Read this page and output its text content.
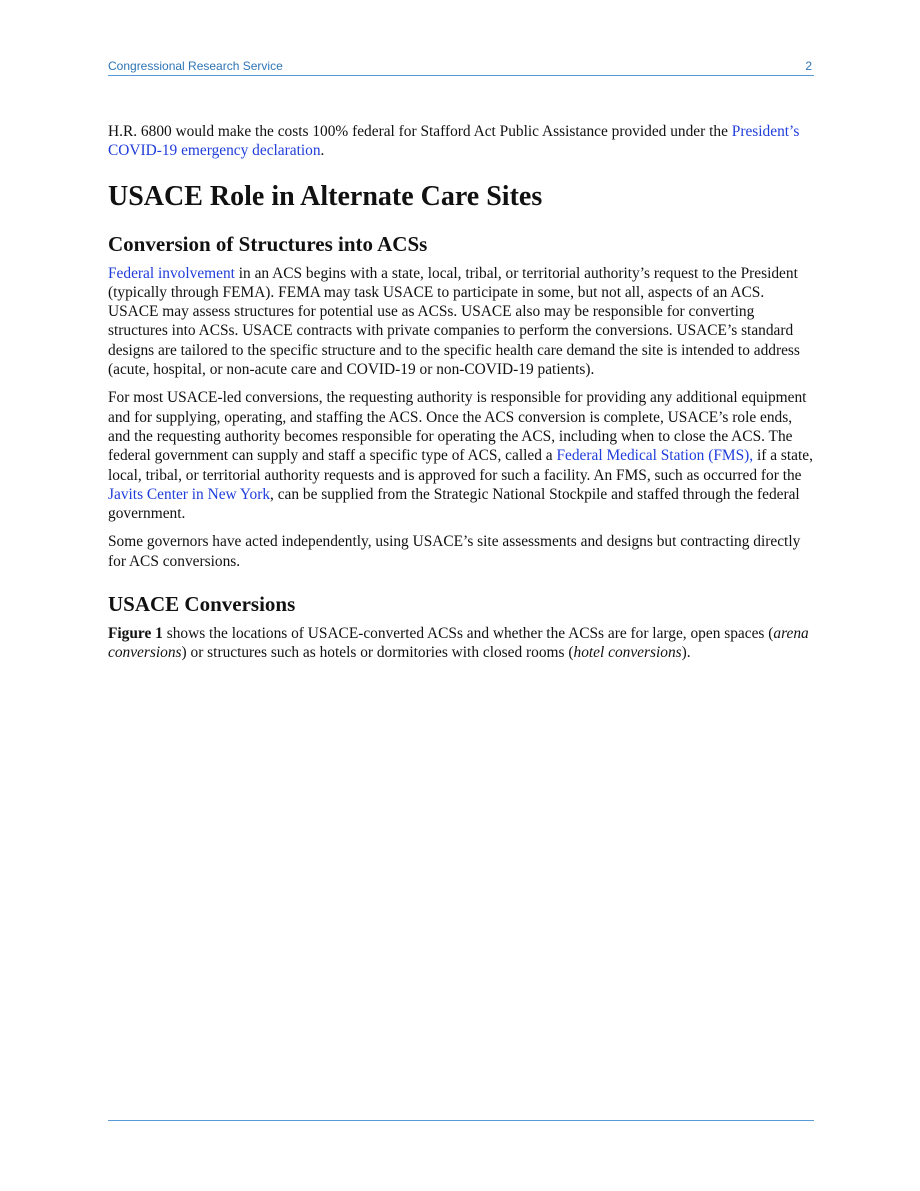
Congressional Research Service	2

H.R. 6800 would make the costs 100% federal for Stafford Act Public Assistance provided under the President’s COVID-19 emergency declaration.

USACE Role in Alternate Care Sites
Conversion of Structures into ACSs

Federal involvement in an ACS begins with a state, local, tribal, or territorial authority’s request to the President (typically through FEMA). FEMA may task USACE to participate in some, but not all, aspects of an ACS. USACE may assess structures for potential use as ACSs. USACE also may be responsible for converting structures into ACSs. USACE contracts with private companies to perform the conversions. USACE’s standard designs are tailored to the specific structure and to the specific health care demand the site is intended to address (acute, hospital, or non-acute care and COVID-19 or non-COVID-19 patients).

For most USACE-led conversions, the requesting authority is responsible for providing any additional equipment and for supplying, operating, and staffing the ACS. Once the ACS conversion is complete, USACE’s role ends, and the requesting authority becomes responsible for operating the ACS, including when to close the ACS. The federal government can supply and staff a specific type of ACS, called a Federal Medical Station (FMS), if a state, local, tribal, or territorial authority requests and is approved for such a facility. An FMS, such as occurred for the Javits Center in New York, can be supplied from the Strategic National Stockpile and staffed through the federal government.

Some governors have acted independently, using USACE’s site assessments and designs but contracting directly for ACS conversions.

USACE Conversions

Figure 1 shows the locations of USACE-converted ACSs and whether the ACSs are for large, open spaces (arena conversions) or structures such as hotels or dormitories with closed rooms (hotel conversions).
